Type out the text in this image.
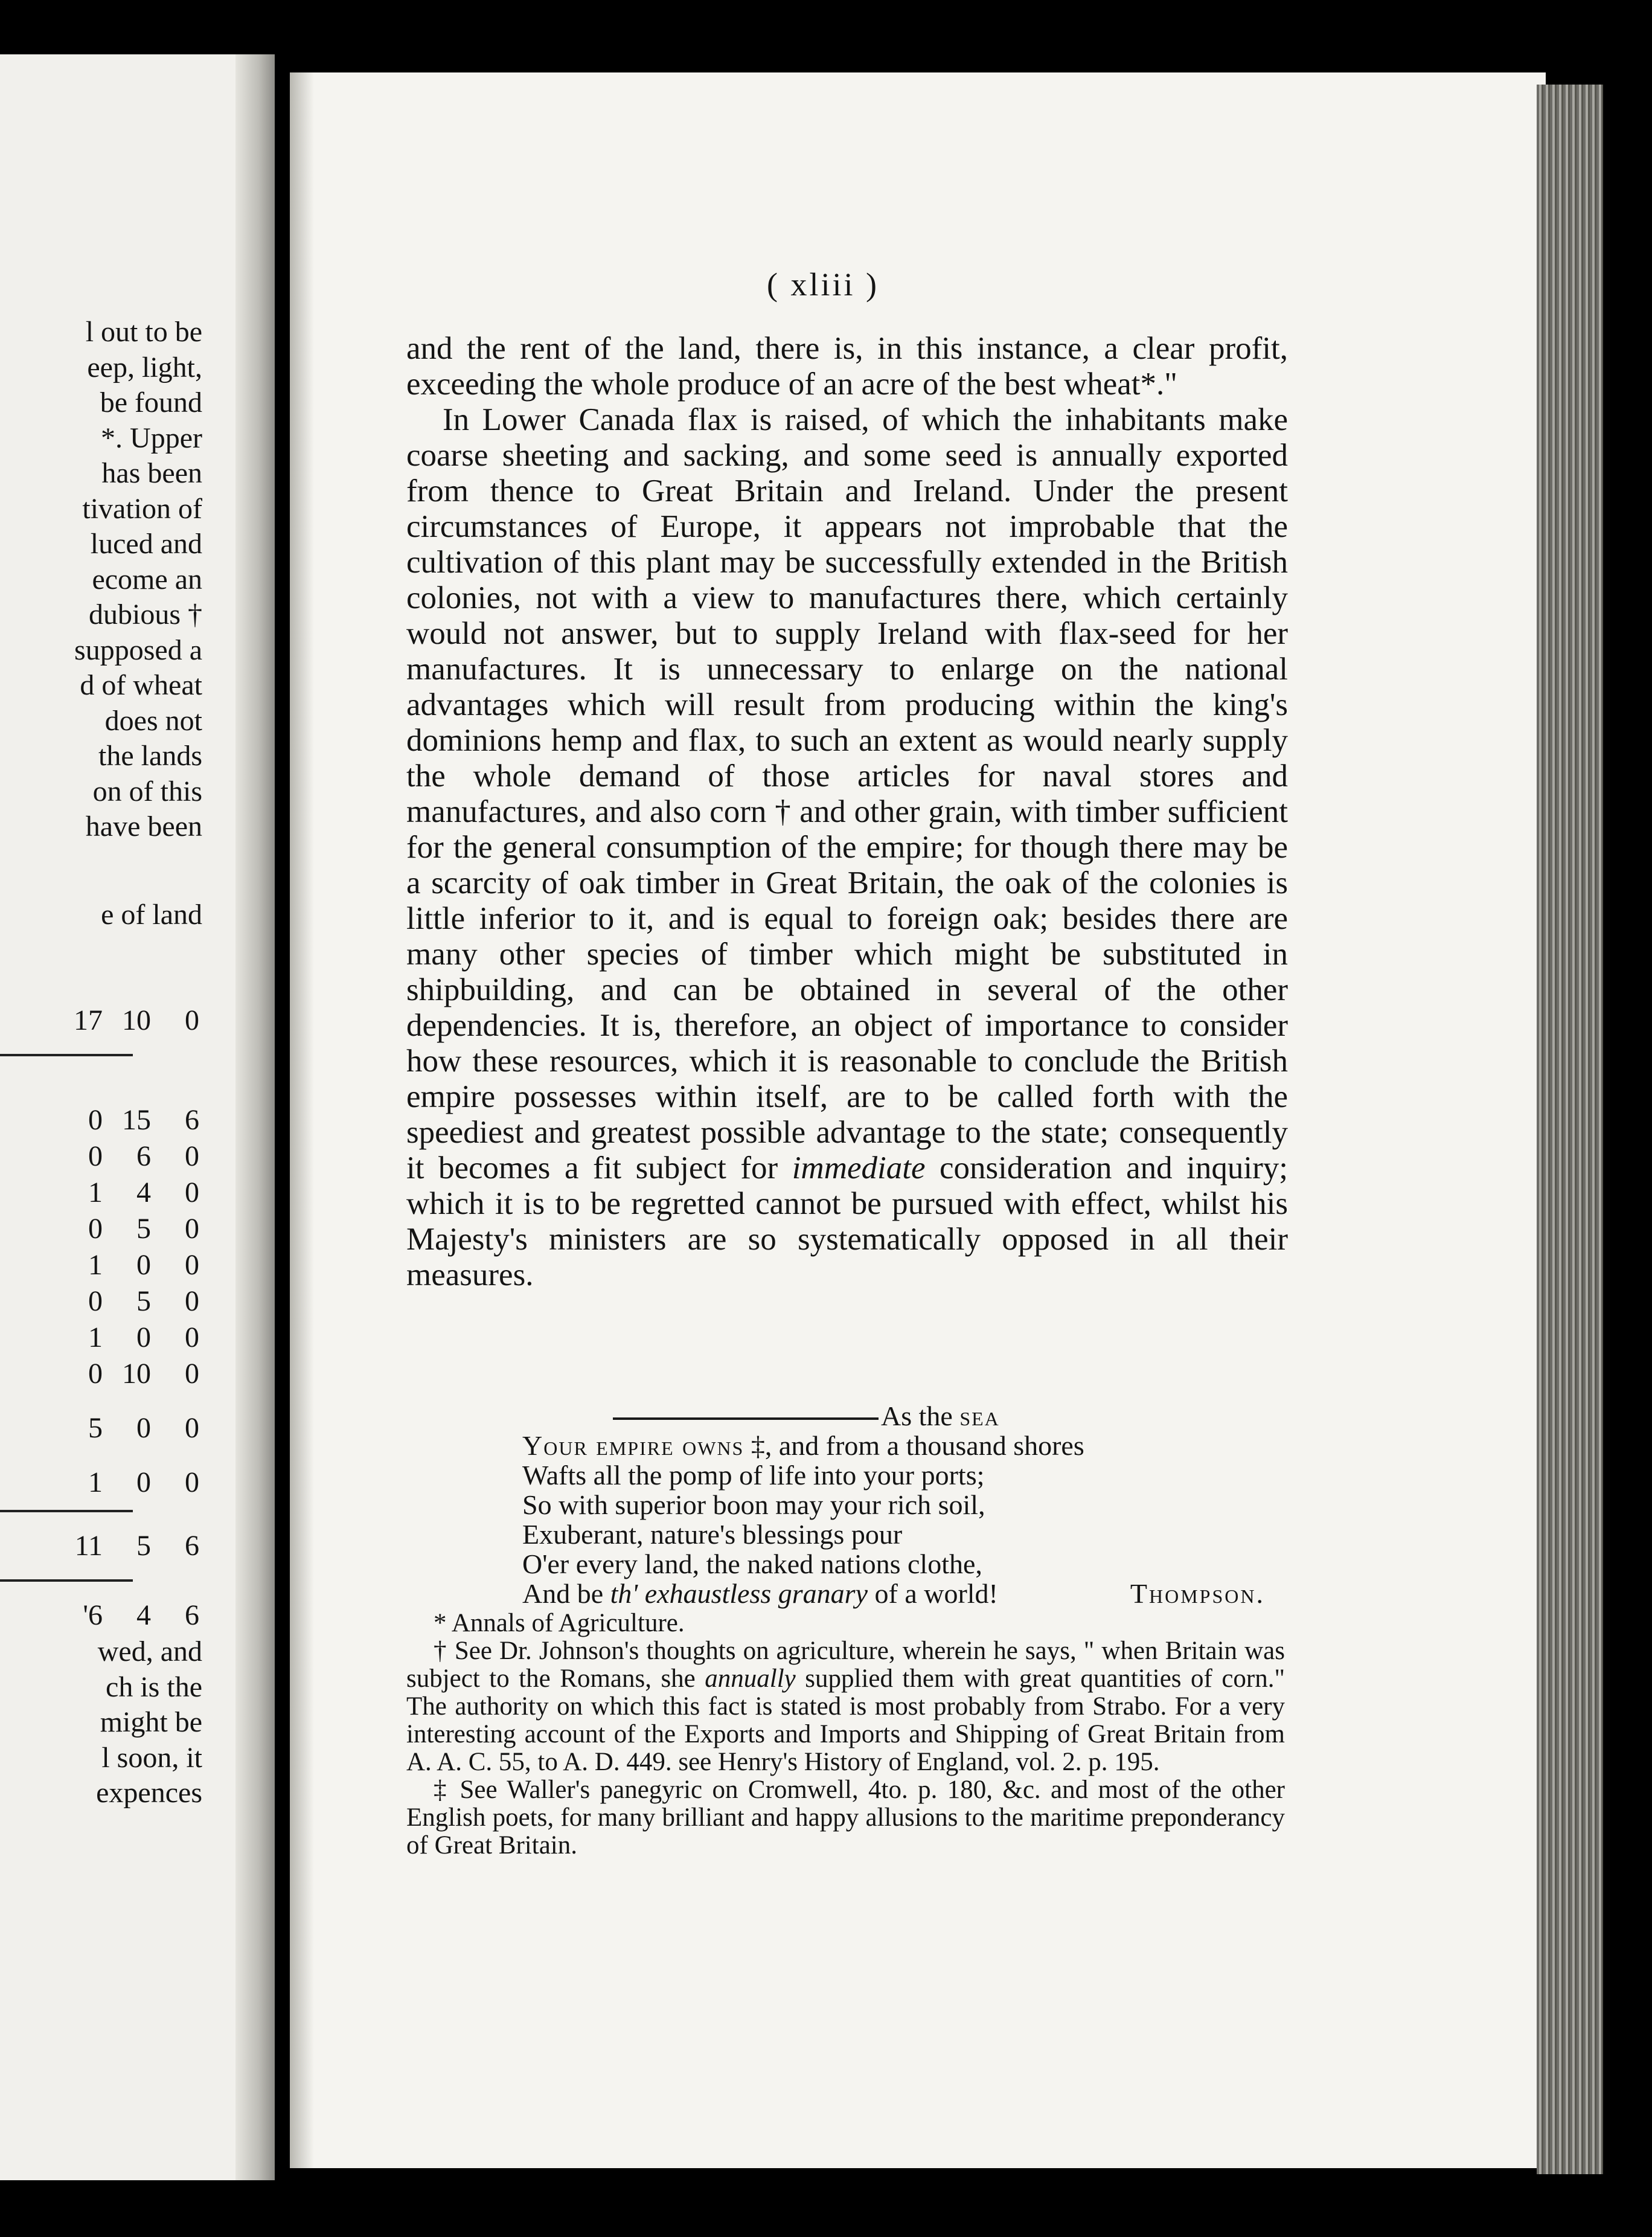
l out to be
eep, light,
be found
*. Upper
has been
tivation of
luced and
ecome an
dubious †
supposed a
d of wheat
does not
the lands
on of this
have been
e of land
17 10	0
0 15	6
0	6	0
1	4	0
0	5	0
1	0	0
0	5	0
1	0	0
0 10	0
5	0	0
1	0	0
11	5	6
'6	4	6
wed, and
ch is the
might be
l soon, it
expences
( xliii )

and the rent of the land, there is, in this instance, a clear profit, exceeding the whole produce of an acre of the best wheat*."

In Lower Canada flax is raised, of which the inhabitants make coarse sheeting and sacking, and some seed is annually exported from thence to Great Britain and Ireland. Under the present circumstances of Europe, it appears not improbable that the cultivation of this plant may be successfully extended in the British colonies, not with a view to manufactures there, which certainly would not answer, but to supply Ireland with flax-seed for her manufactures. It is unnecessary to enlarge on the national advantages which will result from producing within the king's dominions hemp and flax, to such an extent as would nearly supply the whole demand of those articles for naval stores and manufactures, and also corn † and other grain, with timber sufficient for the general consumption of the empire; for though there may be a scarcity of oak timber in Great Britain, the oak of the colonies is little inferior to it, and is equal to foreign oak; besides there are many other species of timber which might be substituted in shipbuilding, and can be obtained in several of the other dependencies. It is, therefore, an object of importance to consider how these resources, which it is reasonable to conclude the British empire possesses within itself, are to be called forth with the speediest and greatest possible advantage to the state; consequently it becomes a fit subject for immediate consideration and inquiry; which it is to be regretted cannot be pursued with effect, whilst his Majesty's ministers are so systematically opposed in all their measures.

As the sea
Your empire owns ‡, and from a thousand shores
Wafts all the pomp of life into your ports;
So with superior boon may your rich soil,
Exuberant, nature's blessings pour
O'er every land, the naked nations clothe,
And be th' exhaustless granary of a world!	Thompson.

* Annals of Agriculture.

† See Dr. Johnson's thoughts on agriculture, wherein he says, " when Britain was subject to the Romans, she annually supplied them with great quantities of corn." The authority on which this fact is stated is most probably from Strabo. For a very interesting account of the Exports and Imports and Shipping of Great Britain from A. A. C. 55, to A. D. 449. see Henry's History of England, vol. 2. p. 195.

‡ See Waller's panegyric on Cromwell, 4to. p. 180, &c. and most of the other English poets, for many brilliant and happy allusions to the maritime preponderancy of Great Britain.
